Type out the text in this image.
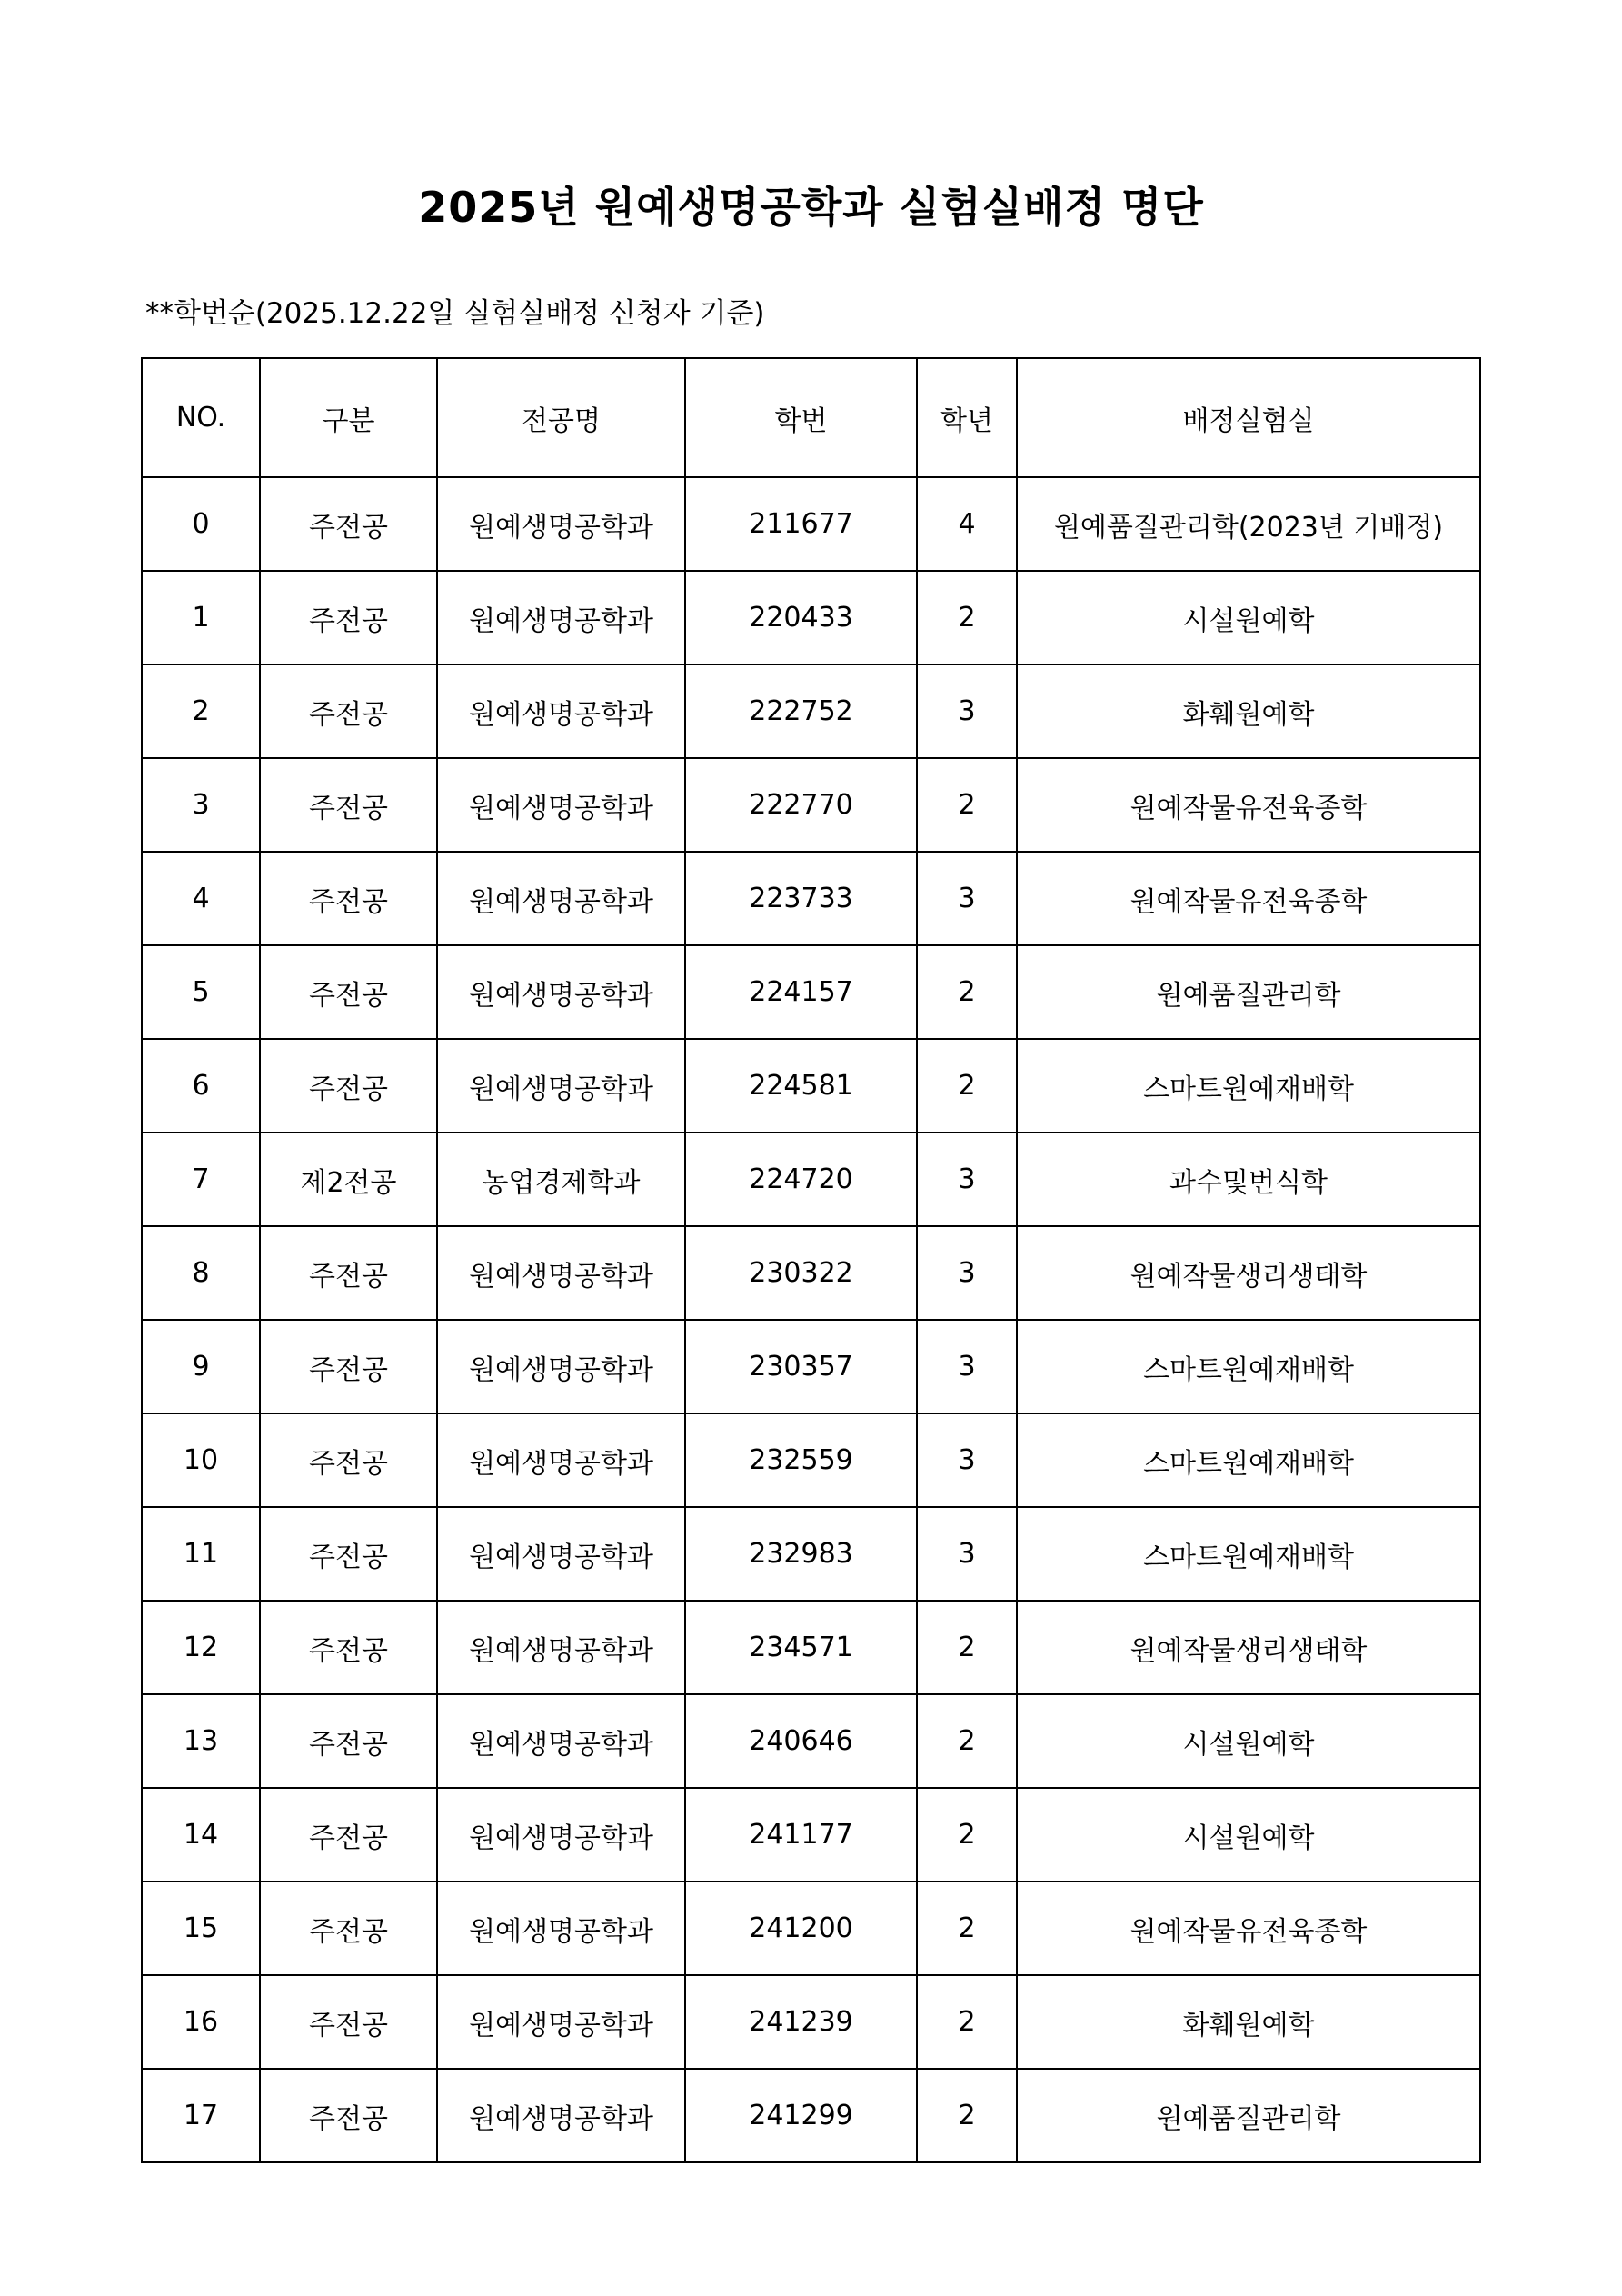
2025년 원예생명공학과 실험실배정 명단
**학번순(2025.12.22일 실험실배정 신청자 기준)
NO.	구분	전공명	학번	학년	배정실험실
0	주전공	원예생명공학과	211677	4	원예품질관리학(2023년 기배정)
1	주전공	원예생명공학과	220433	2	시설원예학
2	주전공	원예생명공학과	222752	3	화훼원예학
3	주전공	원예생명공학과	222770	2	원예작물유전육종학
4	주전공	원예생명공학과	223733	3	원예작물유전육종학
5	주전공	원예생명공학과	224157	2	원예품질관리학
6	주전공	원예생명공학과	224581	2	스마트원예재배학
7	제2전공	농업경제학과	224720	3	과수및번식학
8	주전공	원예생명공학과	230322	3	원예작물생리생태학
9	주전공	원예생명공학과	230357	3	스마트원예재배학
10	주전공	원예생명공학과	232559	3	스마트원예재배학
11	주전공	원예생명공학과	232983	3	스마트원예재배학
12	주전공	원예생명공학과	234571	2	원예작물생리생태학
13	주전공	원예생명공학과	240646	2	시설원예학
14	주전공	원예생명공학과	241177	2	시설원예학
15	주전공	원예생명공학과	241200	2	원예작물유전육종학
16	주전공	원예생명공학과	241239	2	화훼원예학
17	주전공	원예생명공학과	241299	2	원예품질관리학
